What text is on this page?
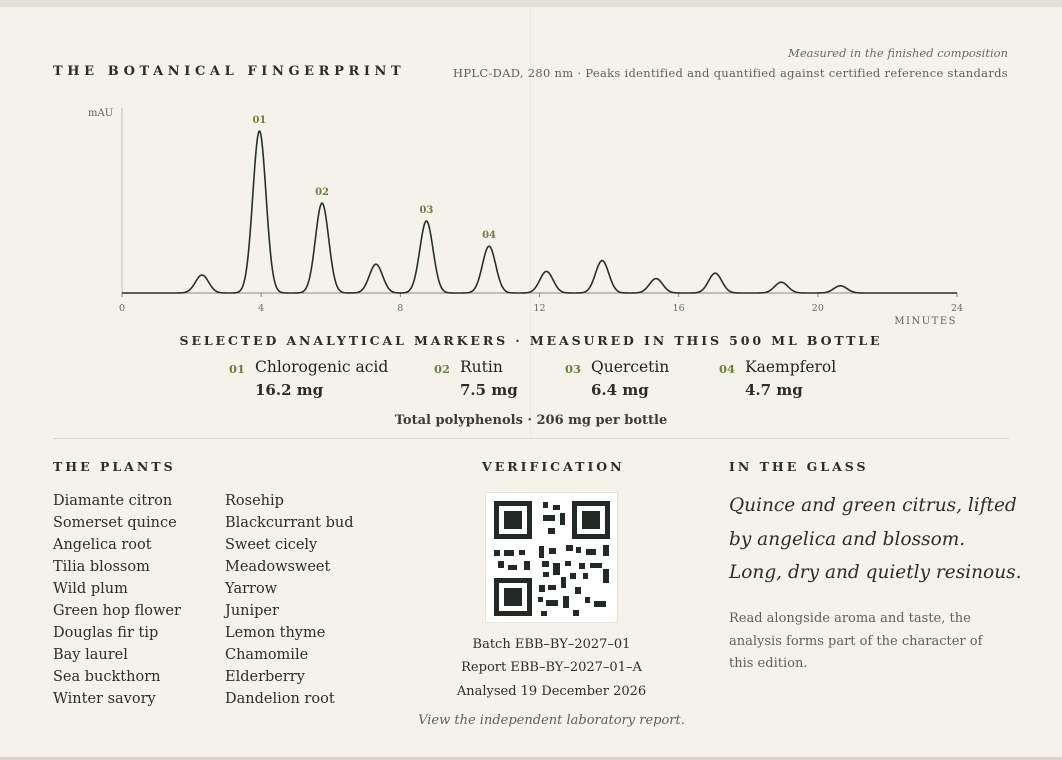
THE BOTANICAL FINGERPRINT
Measured in the finished composition
HPLC-DAD, 280 nm · Peaks identified and quantified against certified reference standards
mAU
0	4	8	12	16	20	24
01
02
03
04
MINUTES
SELECTED ANALYTICAL MARKERS · MEASURED IN THIS 500 ML BOTTLE
01 Chlorogenic acid
16.2 mg
02 Rutin
7.5 mg
03 Quercetin
6.4 mg
04 Kaempferol
4.7 mg
Total polyphenols · 206 mg per bottle
THE PLANTS
Diamante citron
Somerset quince
Angelica root
Tilia blossom
Wild plum
Green hop flower
Douglas fir tip
Bay laurel
Sea buckthorn
Winter savory
Rosehip
Blackcurrant bud
Sweet cicely
Meadowsweet
Yarrow
Juniper
Lemon thyme
Chamomile
Elderberry
Dandelion root
VERIFICATION
Batch EBB–BY–2027–01
Report EBB–BY–2027–01–A
Analysed 19 December 2026
View the independent laboratory report.
IN THE GLASS
Quince and green citrus, lifted by angelica and blossom. Long, dry and quietly resinous.
Read alongside aroma and taste, the analysis forms part of the character of this edition.
